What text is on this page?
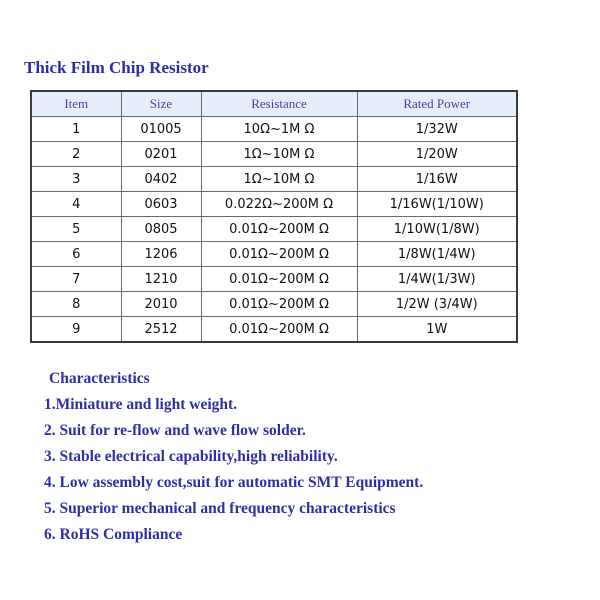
Thick Film Chip Resistor
Item	Size	Resistance	Rated Power
1	01005	10Ω~1M Ω	1/32W
2	0201	1Ω~10M Ω	1/20W
3	0402	1Ω~10M Ω	1/16W
4	0603	0.022Ω~200M Ω	1/16W(1/10W)
5	0805	0.01Ω~200M Ω	1/10W(1/8W)
6	1206	0.01Ω~200M Ω	1/8W(1/4W)
7	1210	0.01Ω~200M Ω	1/4W(1/3W)
8	2010	0.01Ω~200M Ω	1/2W (3/4W)
9	2512	0.01Ω~200M Ω	1W
Characteristics
1.Miniature and light weight.
2. Suit for re-flow and wave flow solder.
3. Stable electrical capability,high reliability.
4. Low assembly cost,suit for automatic SMT Equipment.
5. Superior mechanical and frequency characteristics
6. RoHS Compliance
